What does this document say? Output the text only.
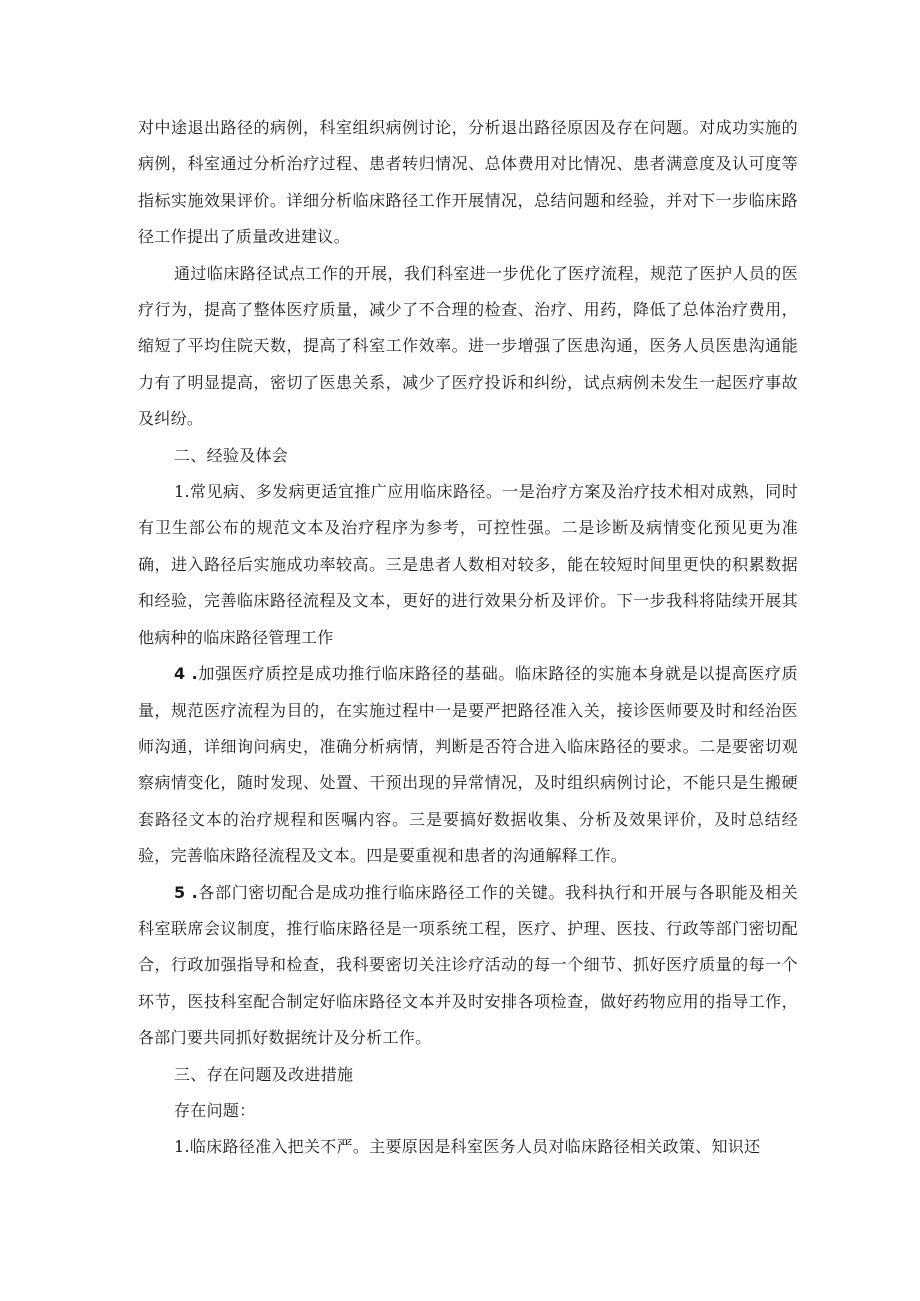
对中途退出路径的病例，科室组织病例讨论，分析退出路径原因及存在问题。对成功实施的病例，科室通过分析治疗过程、患者转归情况、总体费用对比情况、患者满意度及认可度等指标实施效果评价。详细分析临床路径工作开展情况，总结问题和经验，并对下一步临床路径工作提出了质量改进建议。

通过临床路径试点工作的开展，我们科室进一步优化了医疗流程，规范了医护人员的医疗行为，提高了整体医疗质量，减少了不合理的检查、治疗、用药，降低了总体治疗费用，缩短了平均住院天数，提高了科室工作效率。进一步增强了医患沟通，医务人员医患沟通能力有了明显提高，密切了医患关系，减少了医疗投诉和纠纷，试点病例未发生一起医疗事故及纠纷。

二、经验及体会

1.常见病、多发病更适宜推广应用临床路径。一是治疗方案及治疗技术相对成熟，同时有卫生部公布的规范文本及治疗程序为参考，可控性强。二是诊断及病情变化预见更为准确，进入路径后实施成功率较高。三是患者人数相对较多，能在较短时间里更快的积累数据和经验，完善临床路径流程及文本，更好的进行效果分析及评价。下一步我科将陆续开展其他病种的临床路径管理工作

4 .加强医疗质控是成功推行临床路径的基础。临床路径的实施本身就是以提高医疗质量，规范医疗流程为目的，在实施过程中一是要严把路径准入关，接诊医师要及时和经治医师沟通，详细询问病史，准确分析病情，判断是否符合进入临床路径的要求。二是要密切观察病情变化，随时发现、处置、干预出现的异常情况，及时组织病例讨论，不能只是生搬硬套路径文本的治疗规程和医嘱内容。三是要搞好数据收集、分析及效果评价，及时总结经验，完善临床路径流程及文本。四是要重视和患者的沟通解释工作。

5 .各部门密切配合是成功推行临床路径工作的关键。我科执行和开展与各职能及相关科室联席会议制度，推行临床路径是一项系统工程，医疗、护理、医技、行政等部门密切配合，行政加强指导和检查，我科要密切关注诊疗活动的每一个细节、抓好医疗质量的每一个环节，医技科室配合制定好临床路径文本并及时安排各项检查，做好药物应用的指导工作，各部门要共同抓好数据统计及分析工作。

三、存在问题及改进措施

存在问题：

1.临床路径准入把关不严。主要原因是科室医务人员对临床路径相关政策、知识还
